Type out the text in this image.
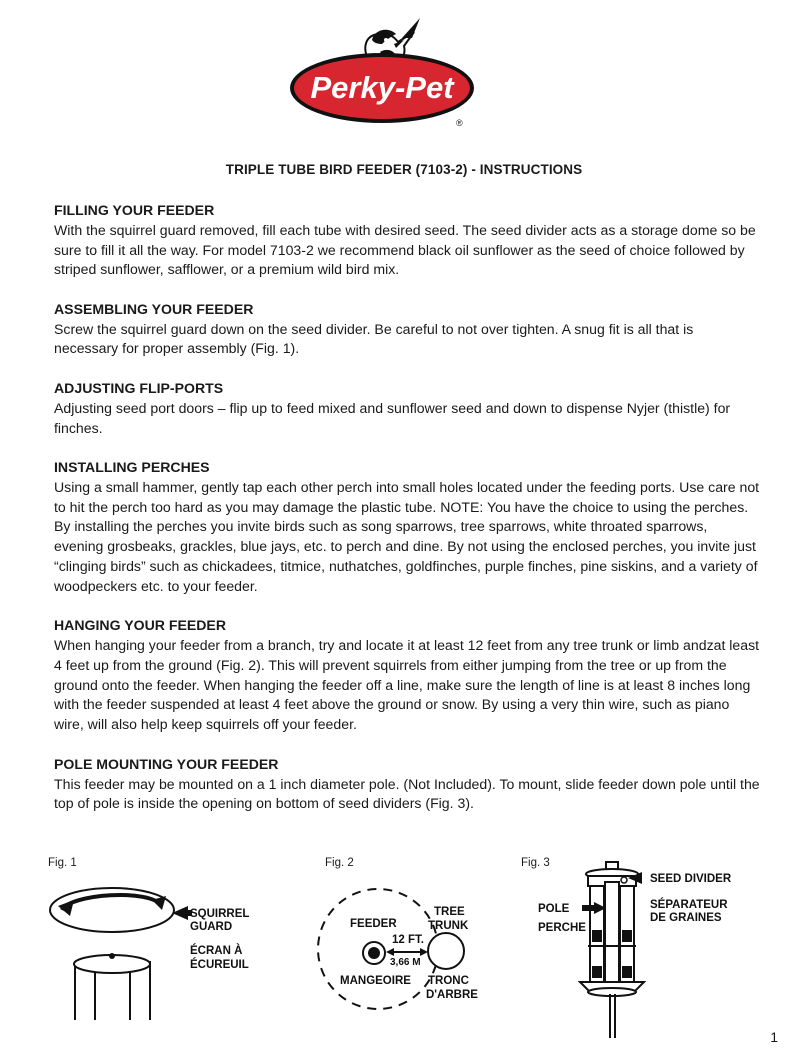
Perky-Pet
®
TRIPLE TUBE BIRD FEEDER (7103-2) - INSTRUCTIONS
FILLING YOUR FEEDER

With the squirrel guard removed, fill each tube with desired seed. The seed divider acts as a storage dome so be sure to fill it all the way. For model 7103-2 we recommend black oil sunflower as the seed of choice followed by striped sunflower, safflower, or a premium wild bird mix.

ASSEMBLING YOUR FEEDER

Screw the squirrel guard down on the seed divider. Be careful to not over tighten. A snug fit is all that is necessary for proper assembly (Fig. 1).

ADJUSTING FLIP-PORTS

Adjusting seed port doors – flip up to feed mixed and sunflower seed and down to dispense Nyjer (thistle) for finches.

INSTALLING PERCHES

Using a small hammer, gently tap each other perch into small holes located under the feeding ports. Use care not to hit the perch too hard as you may damage the plastic tube. NOTE: You have the choice to using the perches. By installing the perches you invite birds such as song sparrows, tree sparrows, white throated sparrows, evening grosbeaks, grackles, blue jays, etc. to perch and dine. By not using the enclosed perches, you invite just “clinging birds” such as chickadees, titmice, nuthatches, goldfinches, purple finches, pine siskins, and a variety of woodpeckers etc. to your feeder.

HANGING YOUR FEEDER

When hanging your feeder from a branch, try and locate it at least 12 feet from any tree trunk or limb andzat least 4 feet up from the ground (Fig. 2). This will prevent squirrels from either jumping from the tree or up from the ground onto the feeder. When hanging the feeder off a line, make sure the length of line is at least 8 inches long with the feeder suspended at least 4 feet above the ground or snow. By using a very thin wire, such as piano wire, will also help keep squirrels off your feeder.

POLE MOUNTING YOUR FEEDER

This feeder may be mounted on a 1 inch diameter pole. (Not Included). To mount, slide feeder down pole until the top of pole is inside the opening on bottom of seed dividers (Fig. 3).

Fig. 1
SQUIRREL
GUARD
ÉCRAN À
ÉCUREUIL
Fig. 2
FEEDER
TREE
TRUNK
12 FT.
3,66 M
MANGEOIRE TRONC
D'ARBRE
Fig. 3
SEED DIVIDER
POLE
PERCHE
SÉPARATEUR
DE GRAINES
1
